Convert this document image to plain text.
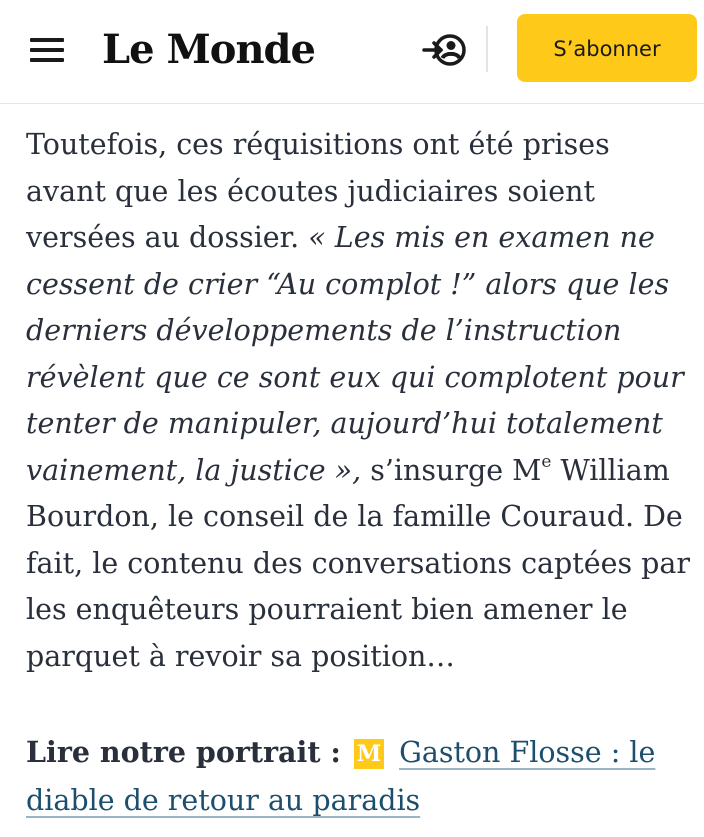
Le Monde	S’abonner

Toutefois, ces réquisitions ont été prises avant que les écoutes judiciaires soient versées au dossier. « Les mis en examen ne cessent de crier “Au complot !” alors que les derniers développements de l’instruction révèlent que ce sont eux qui complotent pour tenter de manipuler, aujourd’hui totalement vainement, la justice », s’insurge Me William Bourdon, le conseil de la famille Couraud. De fait, le contenu des conversations captées par les enquêteurs pourraient bien amener le parquet à revoir sa position…

Lire notre portrait : M Gaston Flosse : le diable de retour au paradis
